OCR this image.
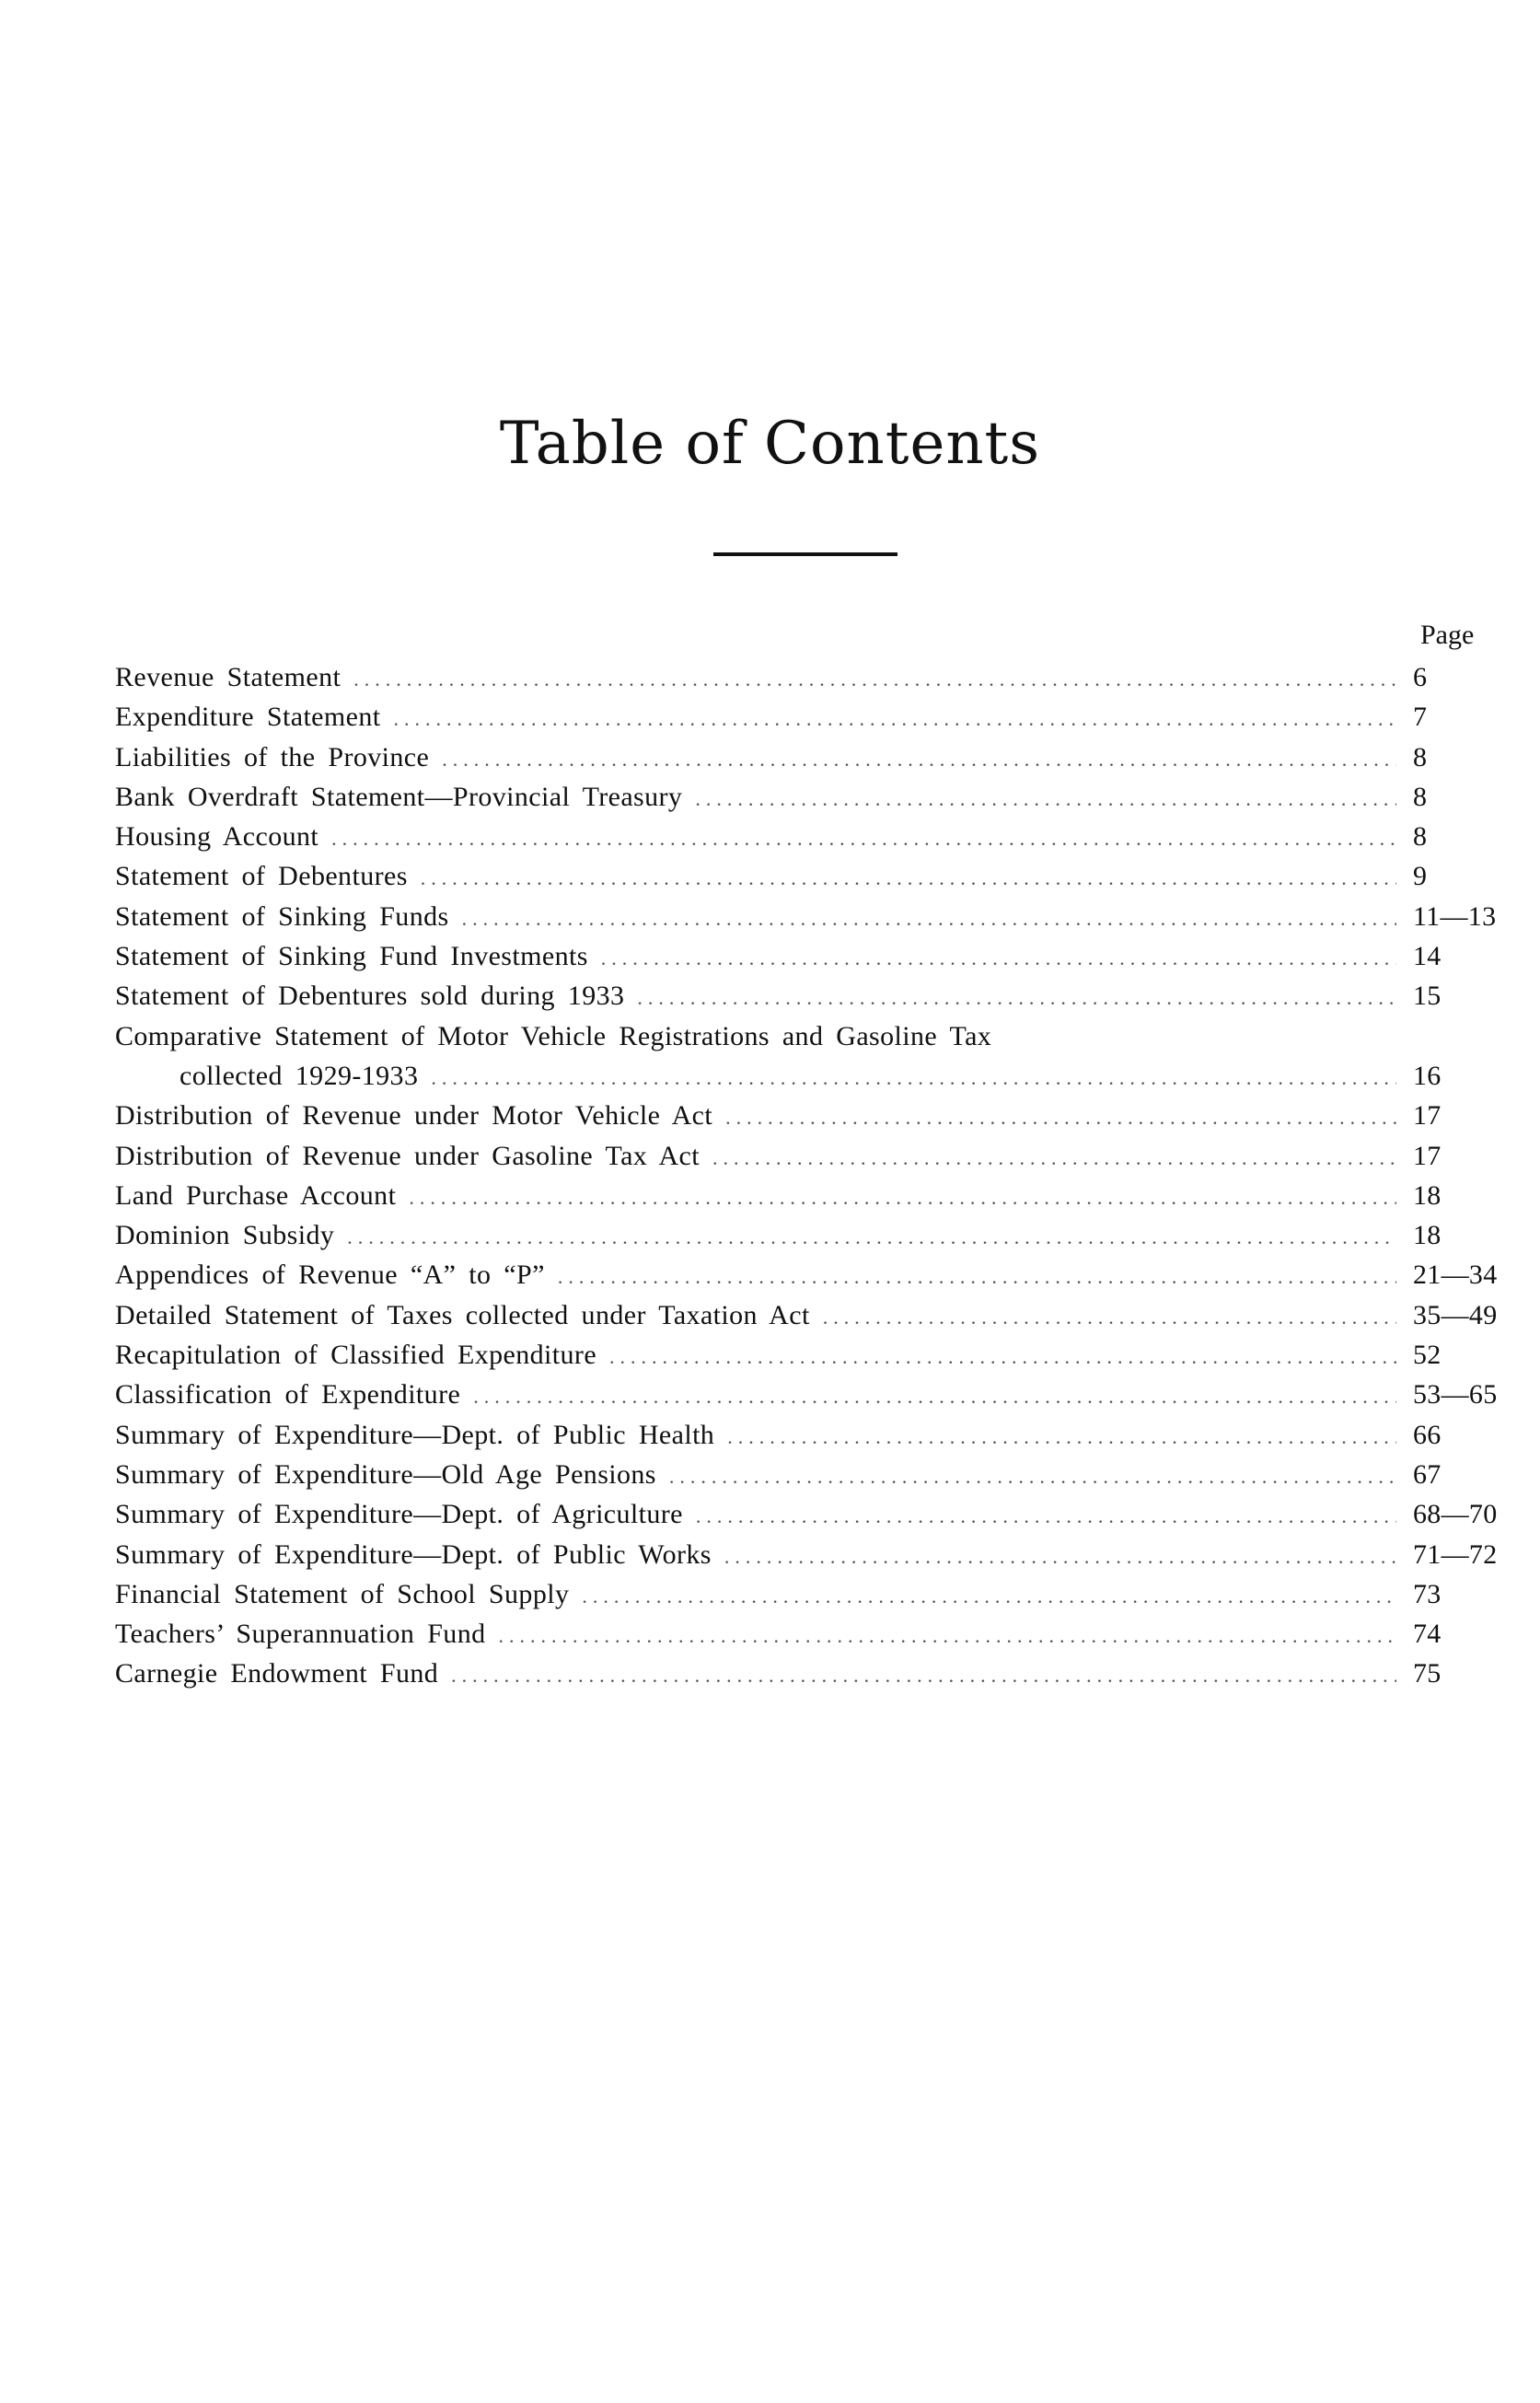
Table of Contents
Page
Revenue Statement .....	6
Expenditure Statement .....	7
Liabilities of the Province .....	8
Bank Overdraft Statement—Provincial Treasury .....	8
Housing Account .....	8
Statement of Debentures .....	9
Statement of Sinking Funds .....	11—13
Statement of Sinking Fund Investments .....	14
Statement of Debentures sold during 1933 .....	15
Comparative Statement of Motor Vehicle Registrations and Gasoline Tax
collected 1929-1933 .....	16
Distribution of Revenue under Motor Vehicle Act .....	17
Distribution of Revenue under Gasoline Tax Act .....	17
Land Purchase Account .....	18
Dominion Subsidy .....	18
Appendices of Revenue “A” to “P” .....	21—34
Detailed Statement of Taxes collected under Taxation Act .....	35—49
Recapitulation of Classified Expenditure .....	52
Classification of Expenditure .....	53—65
Summary of Expenditure—Dept. of Public Health .....	66
Summary of Expenditure—Old Age Pensions .....	67
Summary of Expenditure—Dept. of Agriculture .....	68—70
Summary of Expenditure—Dept. of Public Works .....	71—72
Financial Statement of School Supply .....	73
Teachers’ Superannuation Fund .....	74
Carnegie Endowment Fund .....	75
